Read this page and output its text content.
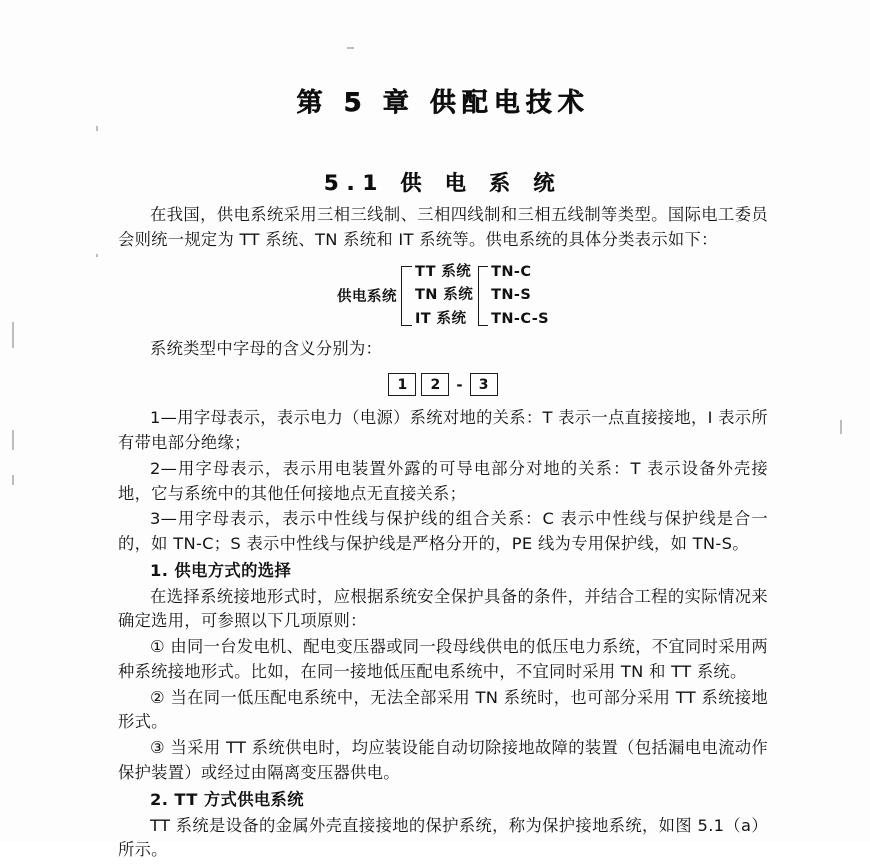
第 5 章 供配电技术
5.1 供 电 系 统

在我国，供电系统采用三相三线制、三相四线制和三相五线制等类型。国际电工委员会则统一规定为 TT 系统、TN 系统和 IT 系统等。供电系统的具体分类表示如下：

供电系统
TT 系统
TN 系统
IT 系统
TN-C
TN-S
TN-C-S

系统类型中字母的含义分别为：

1	2	-	3

1—用字母表示，表示电力（电源）系统对地的关系：T 表示一点直接接地，I 表示所有带电部分绝缘；

2—用字母表示，表示用电装置外露的可导电部分对地的关系：T 表示设备外壳接地，它与系统中的其他任何接地点无直接关系；

3—用字母表示，表示中性线与保护线的组合关系：C 表示中性线与保护线是合一的，如 TN-C；S 表示中性线与保护线是严格分开的，PE 线为专用保护线，如 TN-S。

1. 供电方式的选择

在选择系统接地形式时，应根据系统安全保护具备的条件，并结合工程的实际情况来确定选用，可参照以下几项原则：

① 由同一台发电机、配电变压器或同一段母线供电的低压电力系统，不宜同时采用两种系统接地形式。比如，在同一接地低压配电系统中，不宜同时采用 TN 和 TT 系统。

② 当在同一低压配电系统中，无法全部采用 TN 系统时，也可部分采用 TT 系统接地形式。

③ 当采用 TT 系统供电时，均应装设能自动切除接地故障的装置（包括漏电电流动作保护装置）或经过由隔离变压器供电。

2. TT 方式供电系统

TT 系统是设备的金属外壳直接接地的保护系统，称为保护接地系统，如图 5.1（a）所示。
